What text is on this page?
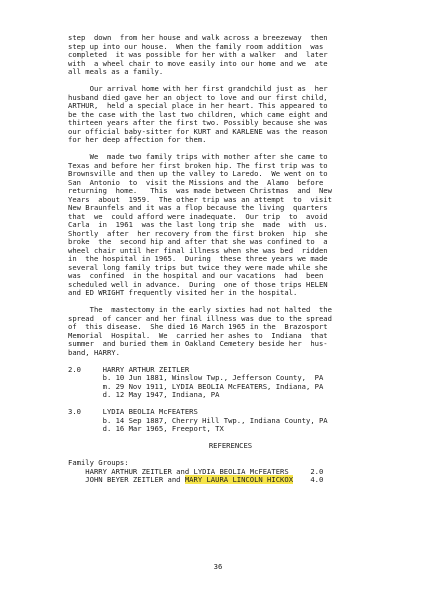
step  down  from her house and walk across a breezeway  then
step up into our house.  When the family room addition  was
completed  it was possible for her with a walker  and  later
with  a wheel chair to move easily into our home and we  ate
all meals as a family.
Our arrival home with her first grandchild just as  her
husband died gave her an object to love and our first child,
ARTHUR,  held a special place in her heart. This appeared to
be the case with the last two children, which came eight and
thirteen years after the first two. Possibly because she was
our official baby-sitter for KURT and KARLENE was the reason
for her deep affection for them.
We  made two family trips with mother after she came to
Texas and before her first broken hip. The first trip was to
Brownsville and then up the valley to Laredo.  We went on to
San  Antonio  to  visit the Missions and the  Alamo  before
returning  home.   This  was made between Christmas  and  New
Years  about  1959.  The other trip was an attempt  to  visit
New Braunfels and it was a flop because the living  quarters
that  we  could afford were inadequate.  Our trip  to  avoid
Carla  in  1961  was the last long trip she  made  with  us.
Shortly  after  her recovery from the first broken  hip  she
broke  the  second hip and after that she was confined to  a
wheel chair until her final illness when she was bed  ridden
in  the hospital in 1965.  During  these three years we made
several long family trips but twice they were made while she
was  confined  in the hospital and our vacations  had  been
scheduled well in advance.  During  one of those trips HELEN
and ED WRIGHT frequently visited her in the hospital.
The  mastectomy in the early sixties had not halted  the
spread  of cancer and her final illness was due to the spread
of  this disease.  She died 16 March 1965 in the  Brazosport
Memorial  Hospital.  We  carried her ashes to  Indiana  that
summer  and buried them in Oakland Cemetery beside her  hus-
band, HARRY.
2.0     HARRY ARTHUR ZEITLER
b. 10 Jun 1881, Winslow Twp., Jefferson County,  PA
m. 29 Nov 1911, LYDIA BEOLIA McFEATERS, Indiana, PA
d. 12 May 1947, Indiana, PA
3.0     LYDIA BEOLIA McFEATERS
b. 14 Sep 1887, Cherry Hill Twp., Indiana County, PA
d. 16 Mar 1965, Freeport, TX
REFERENCES
Family Groups:
HARRY ARTHUR ZEITLER and LYDIA BEOLIA McFEATERS     2.0
JOHN BEYER ZEITLER and MARY LAURA LINCOLN HICKOX    4.0
36
